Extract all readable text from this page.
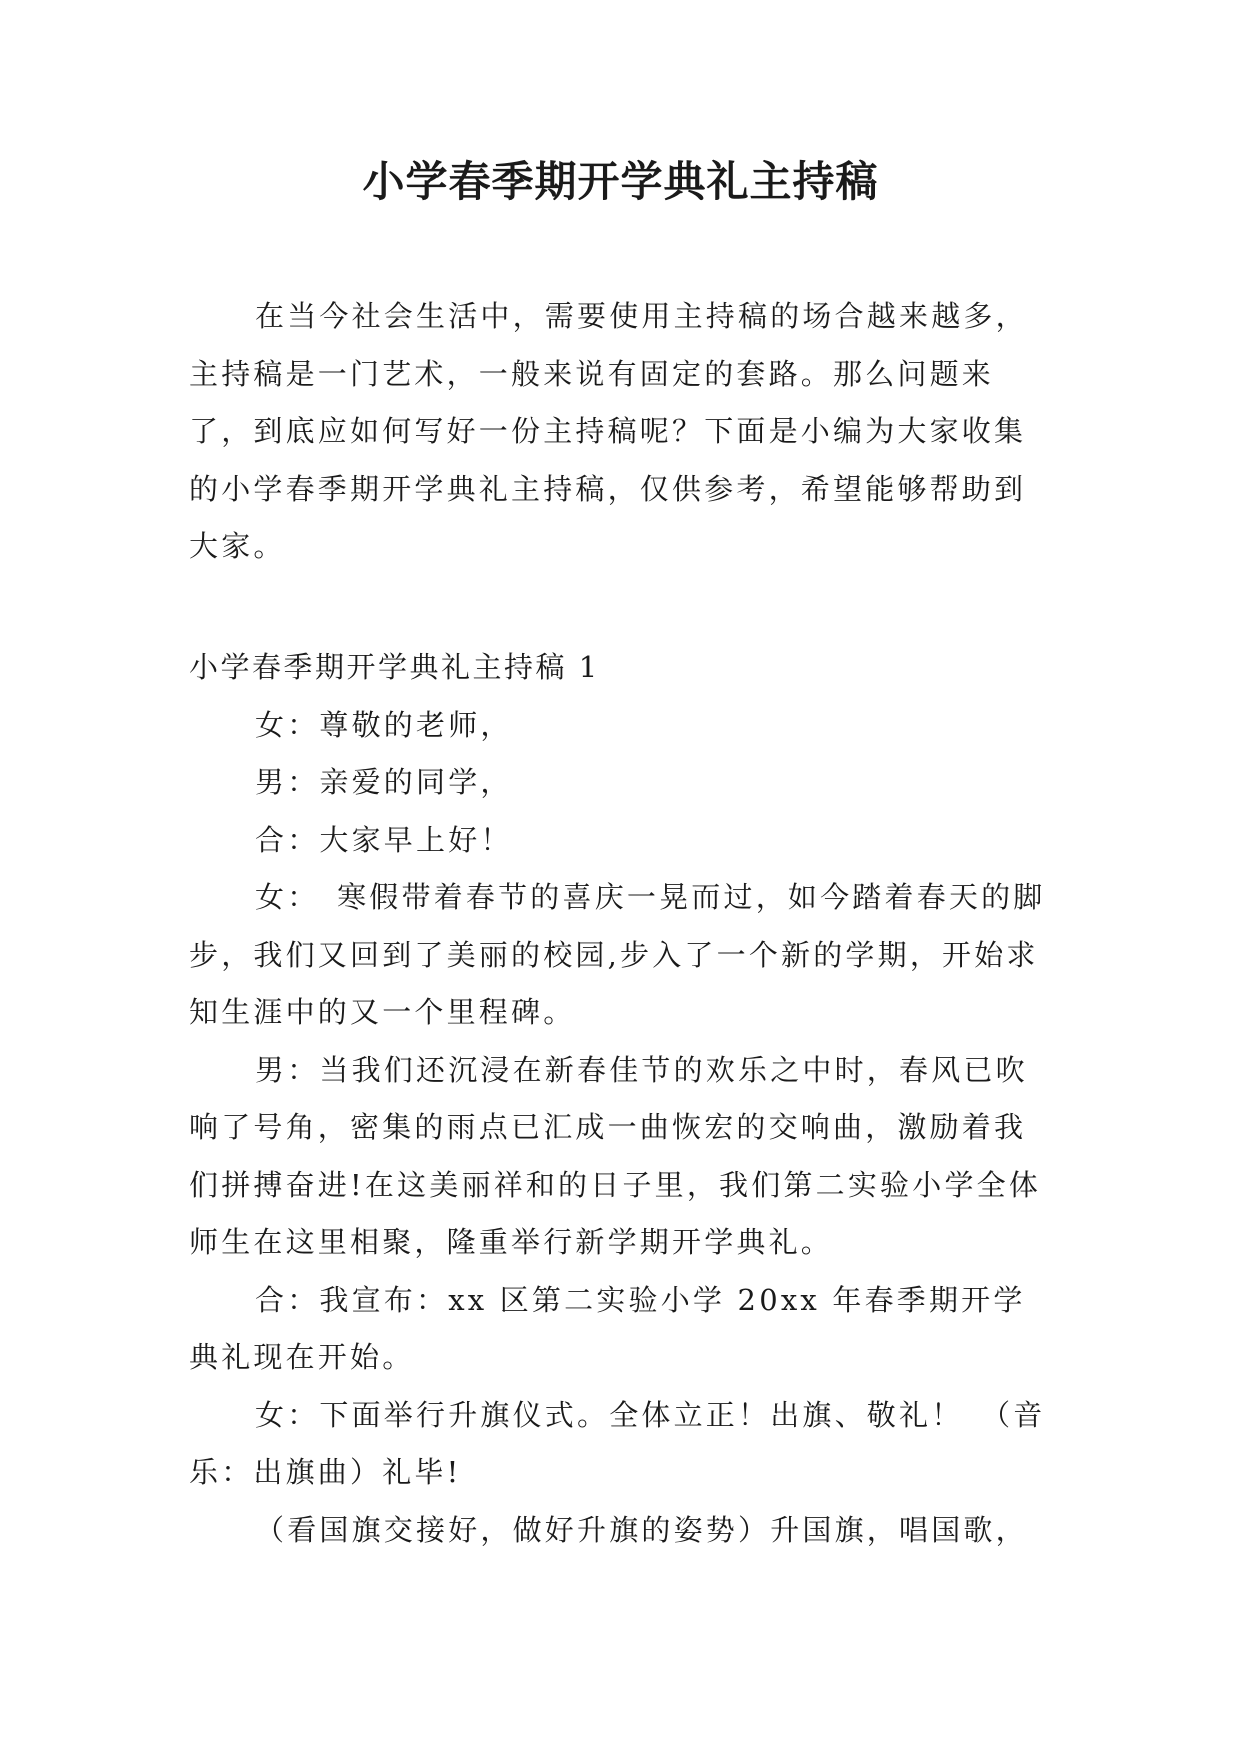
小学春季期开学典礼主持稿

在当今社会生活中，需要使用主持稿的场合越来越多，主持稿是一门艺术，一般来说有固定的套路。那么问题来了，到底应如何写好一份主持稿呢？下面是小编为大家收集的小学春季期开学典礼主持稿，仅供参考，希望能够帮助到大家。

小学春季期开学典礼主持稿 1

女：尊敬的老师，

男：亲爱的同学，

合：大家早上好！

女：　寒假带着春节的喜庆一晃而过，如今踏着春天的脚步，我们又回到了美丽的校园,步入了一个新的学期，开始求知生涯中的又一个里程碑。

男：当我们还沉浸在新春佳节的欢乐之中时，春风已吹响了号角，密集的雨点已汇成一曲恢宏的交响曲，激励着我们拼搏奋进!在这美丽祥和的日子里，我们第二实验小学全体师生在这里相聚，隆重举行新学期开学典礼。

合：我宣布：xx 区第二实验小学 20xx 年春季期开学典礼现在开始。

女：下面举行升旗仪式。全体立正！出旗、敬礼！　（音乐：出旗曲）礼毕!

（看国旗交接好，做好升旗的姿势）升国旗，唱国歌，
